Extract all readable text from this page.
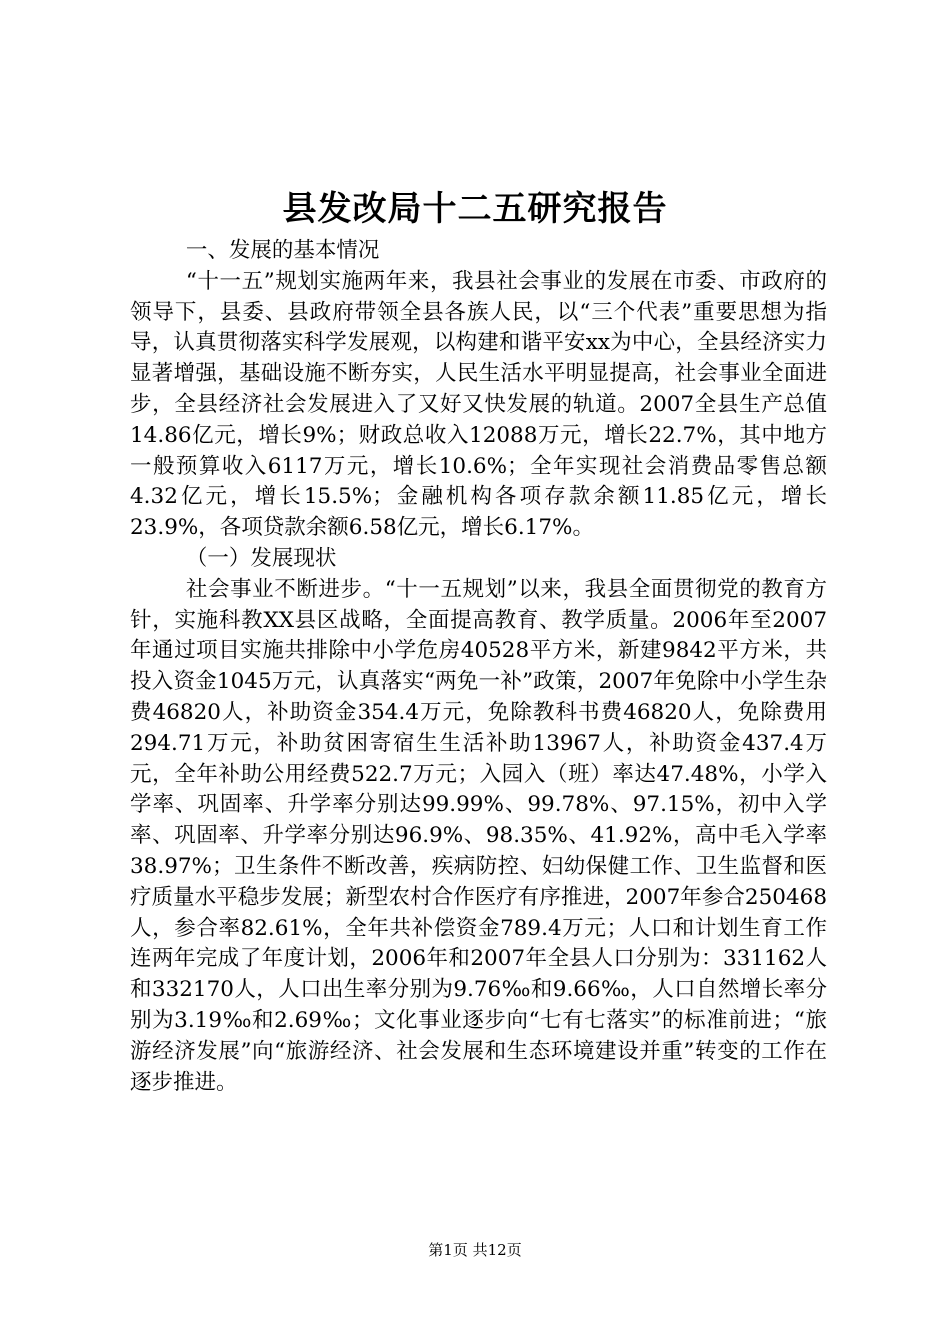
县发改局十二五研究报告

一、发展的基本情况

“十一五”规划实施两年来，我县社会事业的发展在市委、市政府的领导下，县委、县政府带领全县各族人民，以“三个代表”重要思想为指导，认真贯彻落实科学发展观，以构建和谐平安xx为中心，全县经济实力显著增强，基础设施不断夯实，人民生活水平明显提高，社会事业全面进步，全县经济社会发展进入了又好又快发展的轨道。2007全县生产总值14.86亿元，增长9%；财政总收入12088万元，增长22.7%，其中地方一般预算收入6117万元，增长10.6%；全年实现社会消费品零售总额4.32亿元，增长15.5%；金融机构各项存款余额11.85亿元，增长23.9%，各项贷款余额6.58亿元，增长6.17%。

（一）发展现状

社会事业不断进步。“十一五规划”以来，我县全面贯彻党的教育方针，实施科教XX县区战略，全面提高教育、教学质量。2006年至2007年通过项目实施共排除中小学危房40528平方米，新建9842平方米，共投入资金1045万元，认真落实“两免一补”政策，2007年免除中小学生杂费46820人，补助资金354.4万元，免除教科书费46820人，免除费用294.71万元，补助贫困寄宿生生活补助13967人，补助资金437.4万元，全年补助公用经费522.7万元；入园入（班）率达47.48%，小学入学率、巩固率、升学率分别达99.99%、99.78%、97.15%，初中入学率、巩固率、升学率分别达96.9%、98.35%、41.92%，高中毛入学率38.97%；卫生条件不断改善，疾病防控、妇幼保健工作、卫生监督和医疗质量水平稳步发展；新型农村合作医疗有序推进，2007年参合250468人，参合率82.61%，全年共补偿资金789.4万元；人口和计划生育工作连两年完成了年度计划，2006年和2007年全县人口分别为：331162人和332170人，人口出生率分别为9.76‰和9.66‰，人口自然增长率分别为3.19‰和2.69‰；文化事业逐步向“七有七落实”的标准前进；“旅游经济发展”向“旅游经济、社会发展和生态环境建设并重”转变的工作在逐步推进。

第1页 共12页
